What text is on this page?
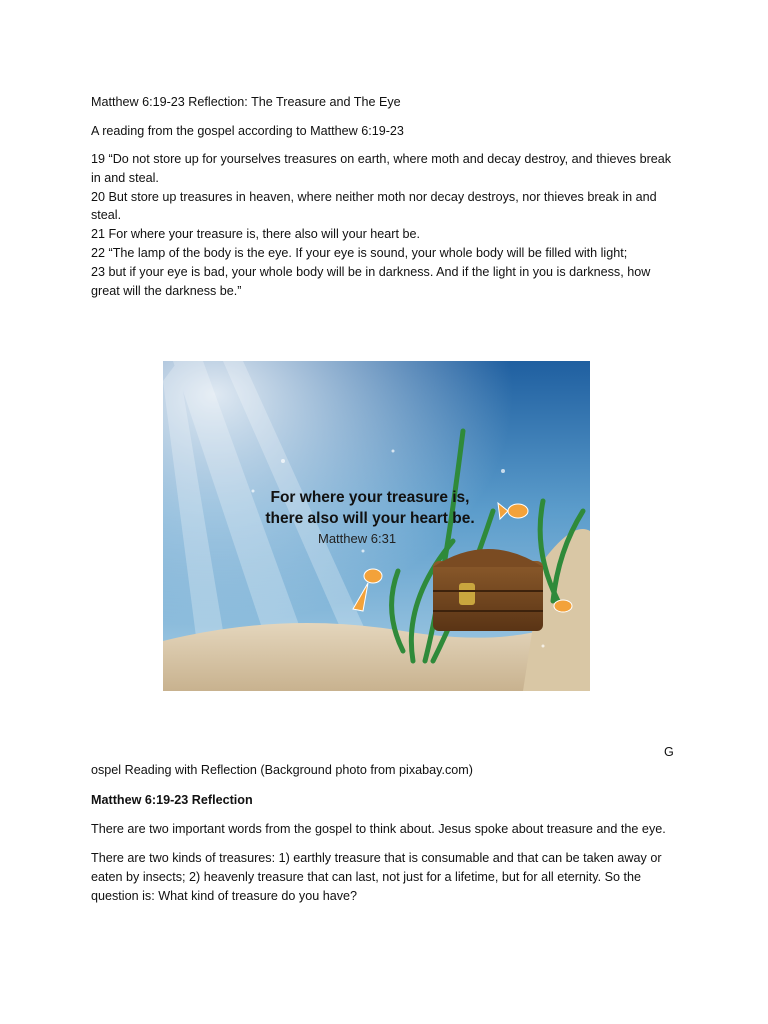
Matthew 6:19-23 Reflection: The Treasure and The Eye
A reading from the gospel according to Matthew 6:19-23
19 “Do not store up for yourselves treasures on earth, where moth and decay destroy, and thieves break in and steal.
20 But store up treasures in heaven, where neither moth nor decay destroys, nor thieves break in and steal.
21 For where your treasure is, there also will your heart be.
22 “The lamp of the body is the eye. If your eye is sound, your whole body will be filled with light;
23 but if your eye is bad, your whole body will be in darkness. And if the light in you is darkness, how great will the darkness be.”
ospel Reading with Reflection (Background photo from pixabay.com)
Matthew 6:19-23 Reflection
There are two important words from the gospel to think about. Jesus spoke about treasure and the eye.
There are two kinds of treasures: 1) earthly treasure that is consumable and that can be taken away or eaten by insects; 2) heavenly treasure that can last, not just for a lifetime, but for all eternity. So the question is: What kind of treasure do you have?
G
For where your treasure is,
there also will your heart be.
Matthew 6:31
